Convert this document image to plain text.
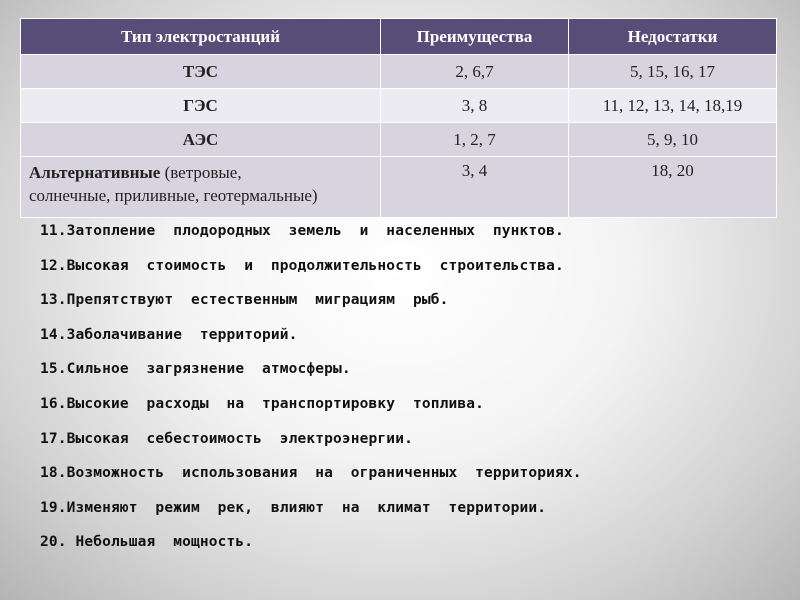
Тип электростанций	Преимущества	Недостатки
ТЭС	2, 6,7	5, 15, 16, 17
ГЭС	3, 8	11, 12, 13, 14, 18,19
АЭС	1, 2, 7	5, 9, 10
Альтернативные (ветровые,
солнечные, приливные, геотермальные)	3, 4	18, 20
11.Затопление  плодородных  земель  и  населенных  пунктов.
12.Высокая  стоимость  и  продолжительность  строительства.
13.Препятствуют  естественным  миграциям  рыб.
14.Заболачивание  территорий.
15.Сильное  загрязнение  атмосферы.
16.Высокие  расходы  на  транспортировку  топлива.
17.Высокая  себестоимость  электроэнергии.
18.Возможность  использования  на  ограниченных  территориях.
19.Изменяют  режим  рек,  влияют  на  климат  территории.
20. Небольшая  мощность.
